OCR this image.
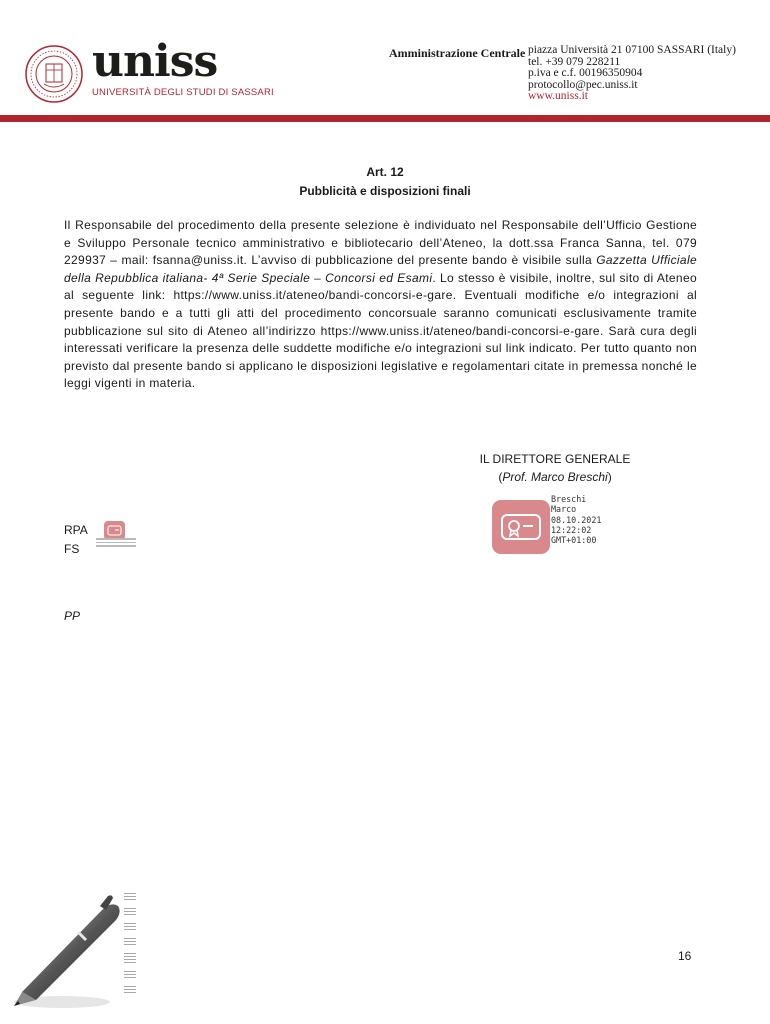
uniss
UNIVERSITÀ DEGLI STUDI DI SASSARI
Amministrazione Centrale piazza Università 21 07100 SASSARI (Italy)
tel. +39 079 228211
p.iva e c.f. 00196350904
protocollo@pec.uniss.it
www.uniss.it
Art. 12
Pubblicità e disposizioni finali
Il Responsabile del procedimento della presente selezione è individuato nel Responsabile dell’Ufficio Gestione e Sviluppo Personale tecnico amministrativo e bibliotecario dell’Ateneo, la dott.ssa Franca Sanna, tel. 079 229937 – mail: fsanna@uniss.it. L’avviso di pubblicazione del presente bando è visibile sulla Gazzetta Ufficiale della Repubblica italiana- 4ª Serie Speciale – Concorsi ed Esami. Lo stesso è visibile, inoltre, sul sito di Ateneo al seguente link: https://www.uniss.it/ateneo/bandi-concorsi-e-gare. Eventuali modifiche e/o integrazioni al presente bando e a tutti gli atti del procedimento concorsuale saranno comunicati esclusivamente tramite pubblicazione sul sito di Ateneo all’indirizzo https://www.uniss.it/ateneo/bandi-concorsi-e-gare. Sarà cura degli interessati verificare la presenza delle suddette modifiche e/o integrazioni sul link indicato. Per tutto quanto non previsto dal presente bando si applicano le disposizioni legislative e regolamentari citate in premessa nonché le leggi vigenti in materia.
IL DIRETTORE GENERALE
(Prof. Marco Breschi)
Breschi
Marco
08.10.2021
12:22:02
GMT+01:00
RPA
FS
PP
16
